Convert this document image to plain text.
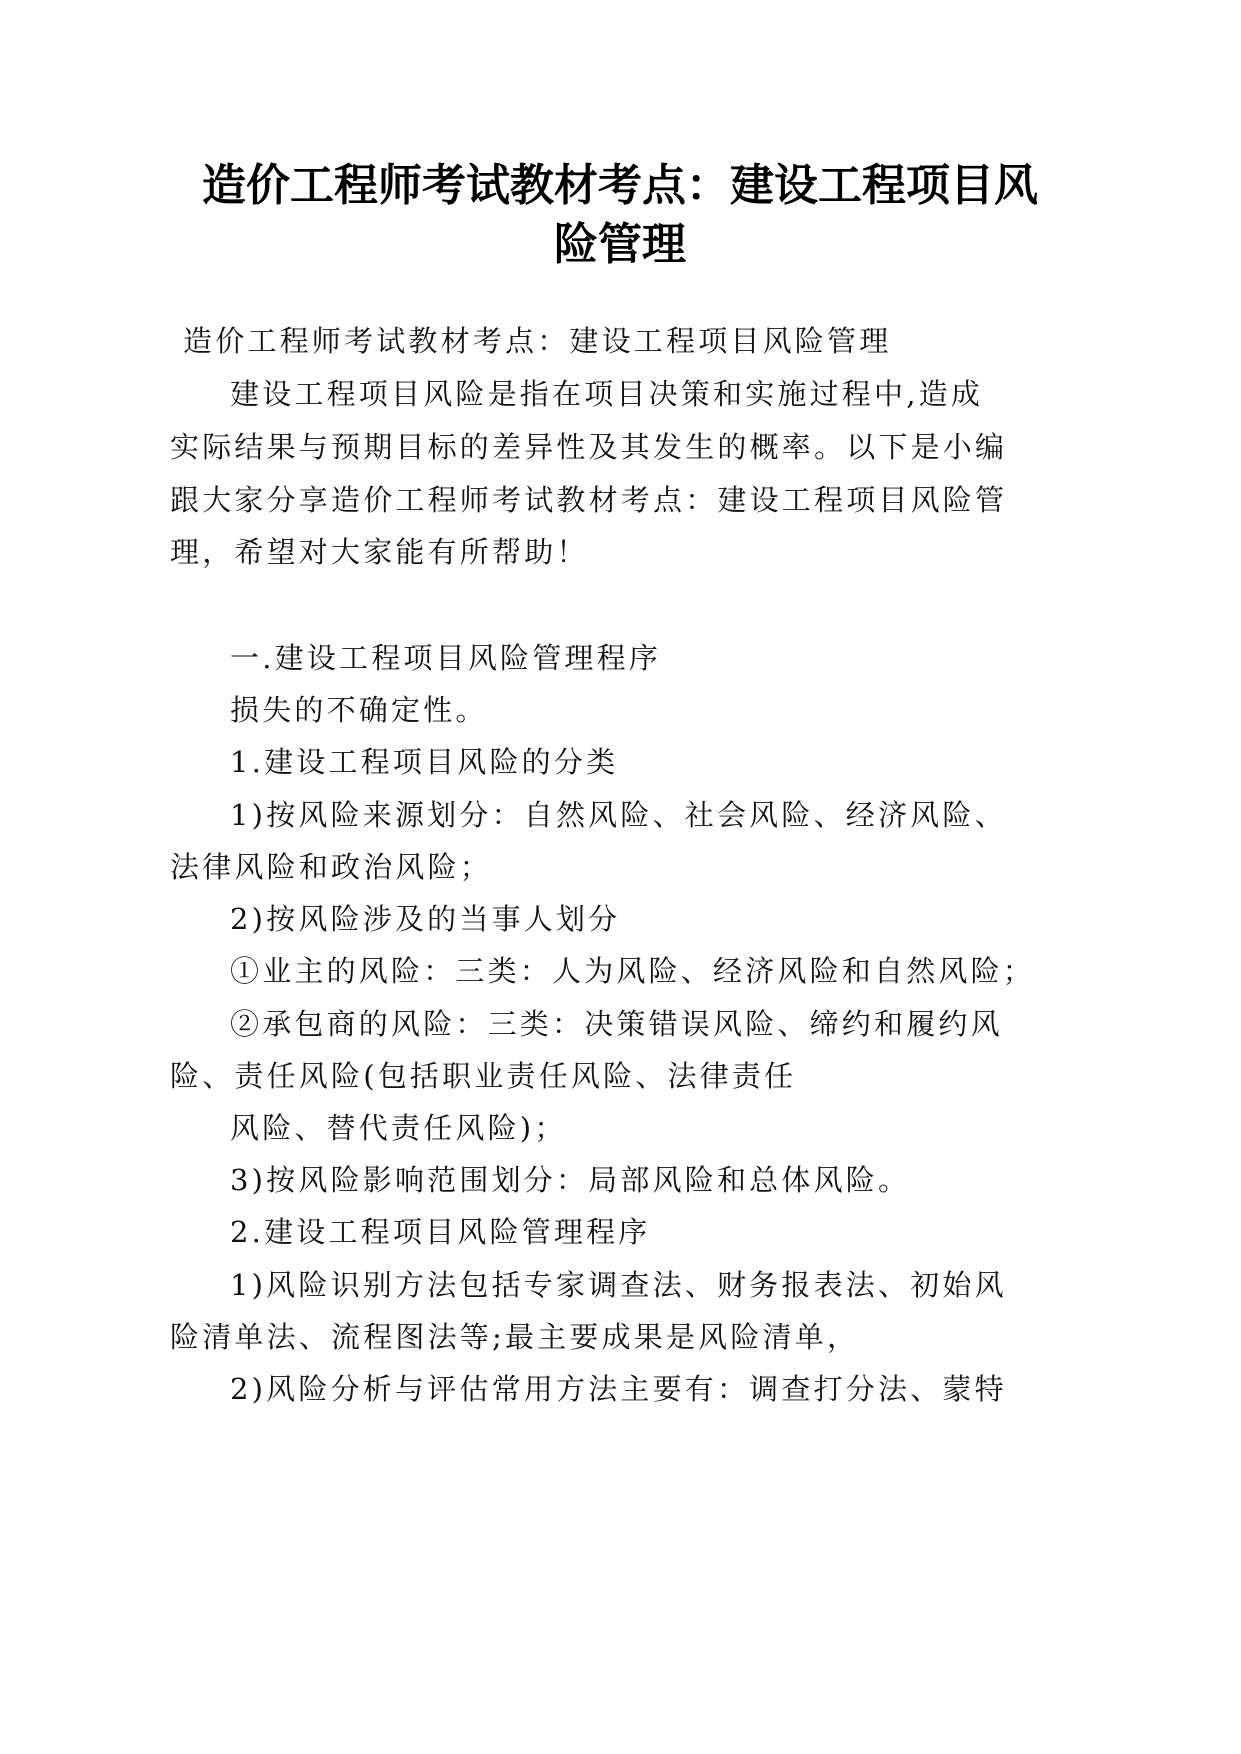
造价工程师考试教材考点：建设工程项目风
险管理
造价工程师考试教材考点：建设工程项目风险管理
建设工程项目风险是指在项目决策和实施过程中,造成
实际结果与预期目标的差异性及其发生的概率。以下是小编
跟大家分享造价工程师考试教材考点：建设工程项目风险管
理，希望对大家能有所帮助！
一.建设工程项目风险管理程序
损失的不确定性。
1.建设工程项目风险的分类
1)按风险来源划分：自然风险、社会风险、经济风险、
法律风险和政治风险；
2)按风险涉及的当事人划分
①业主的风险：三类：人为风险、经济风险和自然风险；
②承包商的风险：三类：决策错误风险、缔约和履约风
险、责任风险(包括职业责任风险、法律责任
风险、替代责任风险)；
3)按风险影响范围划分：局部风险和总体风险。
2.建设工程项目风险管理程序
1)风险识别方法包括专家调查法、财务报表法、初始风
险清单法、流程图法等;最主要成果是风险清单，
2)风险分析与评估常用方法主要有：调查打分法、蒙特
